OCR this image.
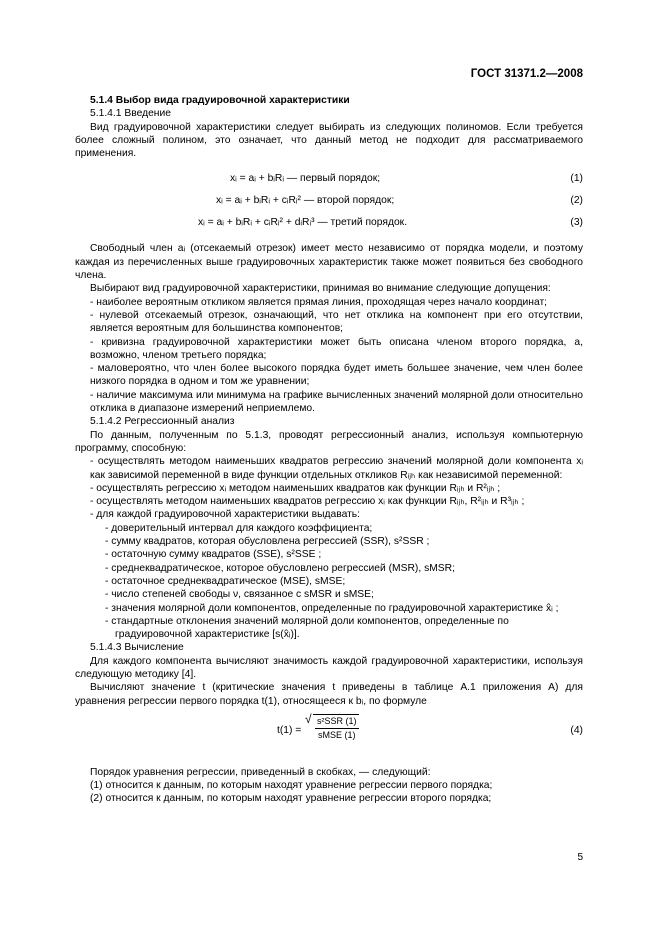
ГОСТ 31371.2—2008

5.1.4 Выбор вида градуировочной характеристики

5.1.4.1 Введение

Вид градуировочной характеристики следует выбирать из следующих полиномов. Если требуется более сложный полином, это означает, что данный метод не подходит для рассматриваемого применения.

xᵢ = aᵢ + bᵢRᵢ — первый порядок;	(1)
xᵢ = aᵢ + bᵢRᵢ + cᵢRᵢ² — второй порядок;	(2)
xᵢ = aᵢ + bᵢRᵢ + cᵢRᵢ² + dᵢRᵢ³ — третий порядок.	(3)

Свободный член aᵢ (отсекаемый отрезок) имеет место независимо от порядка модели, и поэтому каждая из перечисленных выше градуировочных характеристик также может появиться без свободного члена.

Выбирают вид градуировочной характеристики, принимая во внимание следующие допущения:

- наиболее вероятным откликом является прямая линия, проходящая через начало координат;

- нулевой отсекаемый отрезок, означающий, что нет отклика на компонент при его отсутствии, является вероятным для большинства компонентов;

- кривизна градуировочной характеристики может быть описана членом второго порядка, а, возможно, членом третьего порядка;

- маловероятно, что член более высокого порядка будет иметь большее значение, чем член более низкого порядка в одном и том же уравнении;

- наличие максимума или минимума на графике вычисленных значений молярной доли относительно отклика в диапазоне измерений неприемлемо.

5.1.4.2 Регрессионный анализ

По данным, полученным по 5.1.3, проводят регрессионный анализ, используя компьютерную программу, способную:

- осуществлять методом наименьших квадратов регрессию значений молярной доли компонента xᵢ как зависимой переменной в виде функции отдельных откликов Rᵢⱼₕ как независимой переменной:

- осуществлять регрессию xᵢ методом наименьших квадратов как функции Rᵢⱼₕ и R²ᵢⱼₕ ;

- осуществлять методом наименьших квадратов регрессию xᵢ как функции Rᵢⱼₕ, R²ᵢⱼₕ и R³ᵢⱼₕ ;

- для каждой градуировочной характеристики выдавать:

- доверительный интервал для каждого коэффициента;

- сумму квадратов, которая обусловлена регрессией (SSR), s²SSR ;

- остаточную сумму квадратов (SSE), s²SSE ;

- среднеквадратическое, которое обусловлено регрессией (MSR), sMSR;

- остаточное среднеквадратическое (MSE), sMSE;

- число степеней свободы ν, связанное с sMSR и sMSE;

- значения молярной доли компонентов, определенные по градуировочной характеристике x̂ᵢ ;

- стандартные отклонения значений молярной доли компонентов, определенные по градуировочной характеристике [s(x̂ᵢ)].

5.1.4.3 Вычисление

Для каждого компонента вычисляют значимость каждой градуировочной характеристики, используя следующую методику [4].

Вычисляют значение t (критические значения t приведены в таблице А.1 приложения А) для уравнения регрессии первого порядка t(1), относящееся к bᵢ, по формуле

t(1) =
√ $\frac{\text{s²SSR (1)}}{\text{sMSE (1)}}$	(4)

Порядок уравнения регрессии, приведенный в скобках, — следующий:

(1) относится к данным, по которым находят уравнение регрессии первого порядка;

(2) относится к данным, по которым находят уравнение регрессии второго порядка;

5
